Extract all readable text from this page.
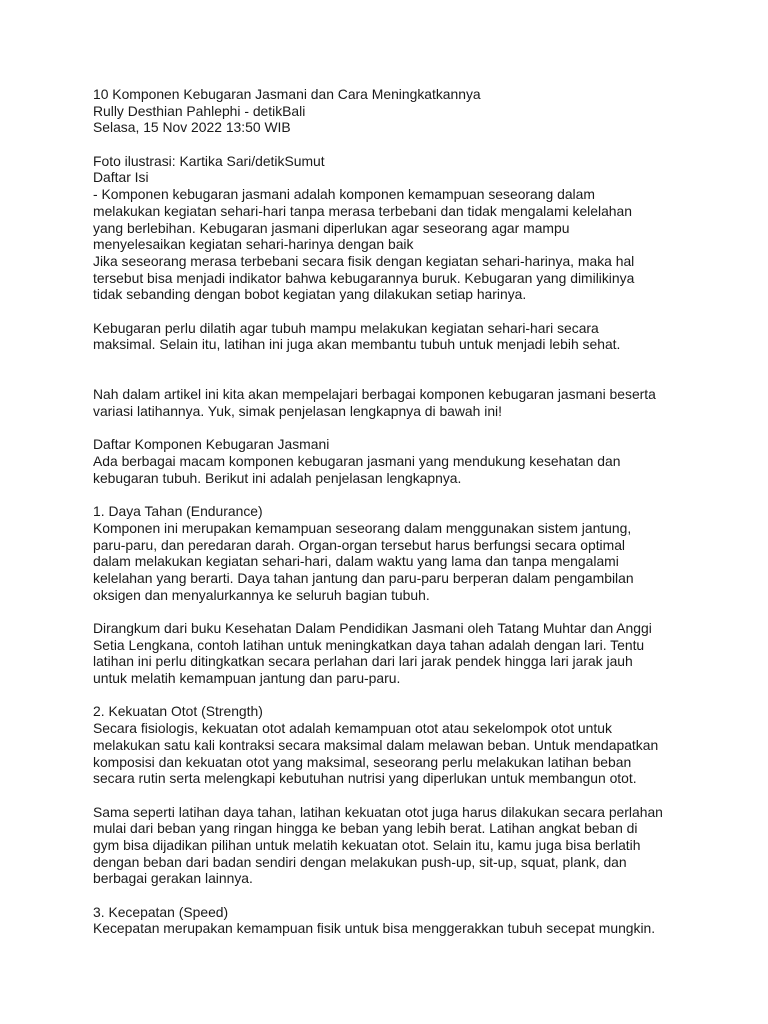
10 Komponen Kebugaran Jasmani dan Cara Meningkatkannya
Rully Desthian Pahlephi - detikBali
Selasa, 15 Nov 2022 13:50 WIB
Foto ilustrasi: Kartika Sari/detikSumut
Daftar Isi
- Komponen kebugaran jasmani adalah komponen kemampuan seseorang dalam
melakukan kegiatan sehari-hari tanpa merasa terbebani dan tidak mengalami kelelahan
yang berlebihan. Kebugaran jasmani diperlukan agar seseorang agar mampu
menyelesaikan kegiatan sehari-harinya dengan baik
Jika seseorang merasa terbebani secara fisik dengan kegiatan sehari-harinya, maka hal
tersebut bisa menjadi indikator bahwa kebugarannya buruk. Kebugaran yang dimilikinya
tidak sebanding dengan bobot kegiatan yang dilakukan setiap harinya.
Kebugaran perlu dilatih agar tubuh mampu melakukan kegiatan sehari-hari secara
maksimal. Selain itu, latihan ini juga akan membantu tubuh untuk menjadi lebih sehat.
Nah dalam artikel ini kita akan mempelajari berbagai komponen kebugaran jasmani beserta
variasi latihannya. Yuk, simak penjelasan lengkapnya di bawah ini!
Daftar Komponen Kebugaran Jasmani
Ada berbagai macam komponen kebugaran jasmani yang mendukung kesehatan dan
kebugaran tubuh. Berikut ini adalah penjelasan lengkapnya.
1. Daya Tahan (Endurance)
Komponen ini merupakan kemampuan seseorang dalam menggunakan sistem jantung,
paru-paru, dan peredaran darah. Organ-organ tersebut harus berfungsi secara optimal
dalam melakukan kegiatan sehari-hari, dalam waktu yang lama dan tanpa mengalami
kelelahan yang berarti. Daya tahan jantung dan paru-paru berperan dalam pengambilan
oksigen dan menyalurkannya ke seluruh bagian tubuh.
Dirangkum dari buku Kesehatan Dalam Pendidikan Jasmani oleh Tatang Muhtar dan Anggi
Setia Lengkana, contoh latihan untuk meningkatkan daya tahan adalah dengan lari. Tentu
latihan ini perlu ditingkatkan secara perlahan dari lari jarak pendek hingga lari jarak jauh
untuk melatih kemampuan jantung dan paru-paru.
2. Kekuatan Otot (Strength)
Secara fisiologis, kekuatan otot adalah kemampuan otot atau sekelompok otot untuk
melakukan satu kali kontraksi secara maksimal dalam melawan beban. Untuk mendapatkan
komposisi dan kekuatan otot yang maksimal, seseorang perlu melakukan latihan beban
secara rutin serta melengkapi kebutuhan nutrisi yang diperlukan untuk membangun otot.
Sama seperti latihan daya tahan, latihan kekuatan otot juga harus dilakukan secara perlahan
mulai dari beban yang ringan hingga ke beban yang lebih berat. Latihan angkat beban di
gym bisa dijadikan pilihan untuk melatih kekuatan otot. Selain itu, kamu juga bisa berlatih
dengan beban dari badan sendiri dengan melakukan push-up, sit-up, squat, plank, dan
berbagai gerakan lainnya.
3. Kecepatan (Speed)
Kecepatan merupakan kemampuan fisik untuk bisa menggerakkan tubuh secepat mungkin.
